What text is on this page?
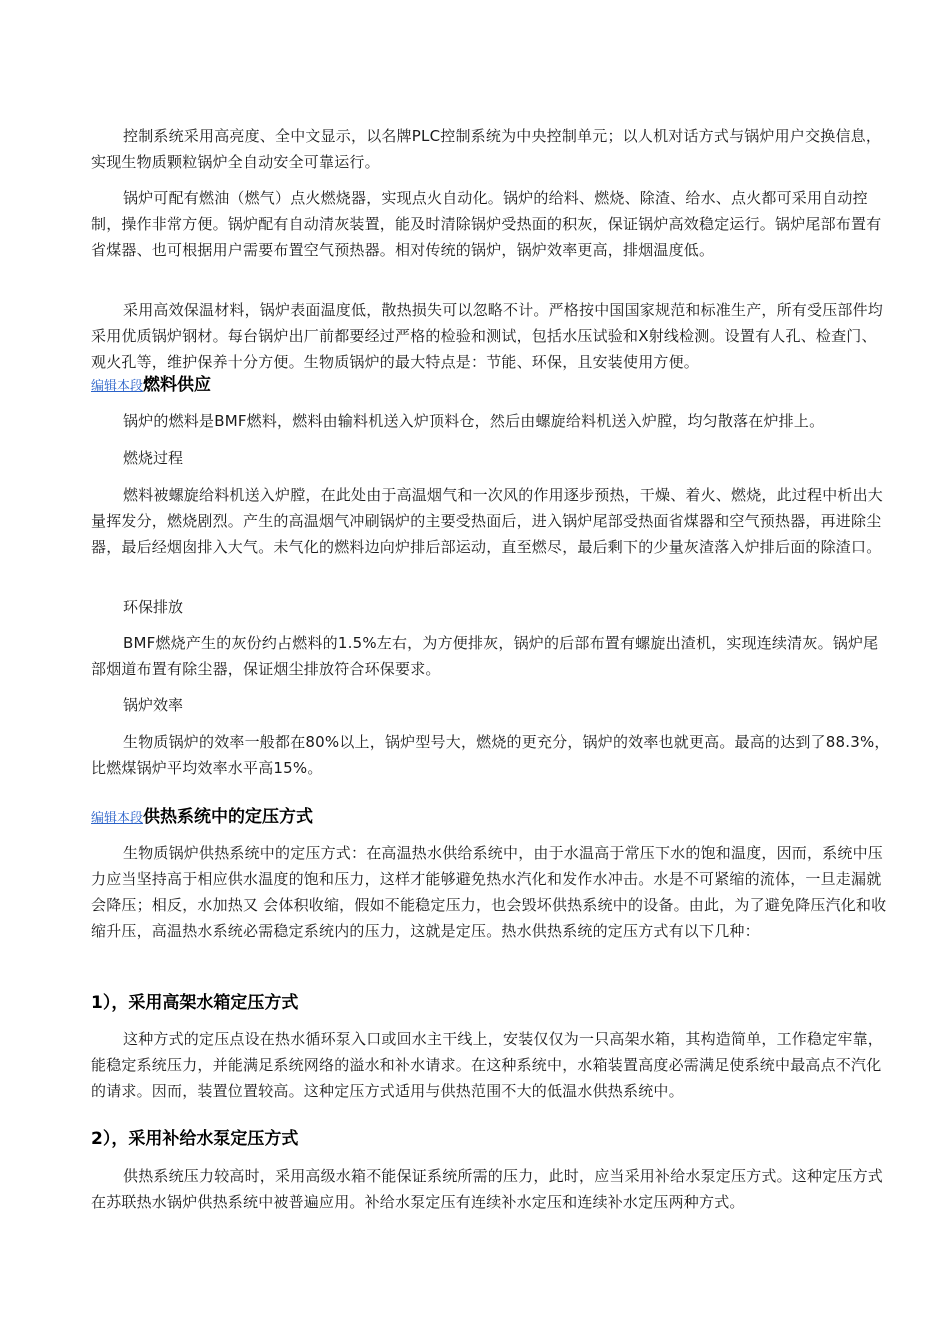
控制系统采用高亮度、全中文显示，以名牌PLC控制系统为中央控制单元；以人机对话方式与锅炉用户交换信息，实现生物质颗粒锅炉全自动安全可靠运行。

锅炉可配有燃油（燃气）点火燃烧器，实现点火自动化。锅炉的给料、燃烧、除渣、给水、点火都可采用自动控制，操作非常方便。锅炉配有自动清灰装置，能及时清除锅炉受热面的积灰，保证锅炉高效稳定运行。锅炉尾部布置有省煤器、也可根据用户需要布置空气预热器。相对传统的锅炉，锅炉效率更高，排烟温度低。

采用高效保温材料，锅炉表面温度低，散热损失可以忽略不计。严格按中国国家规范和标准生产，所有受压部件均采用优质锅炉钢材。每台锅炉出厂前都要经过严格的检验和测试，包括水压试验和X射线检测。设置有人孔、检查门、观火孔等，维护保养十分方便。生物质锅炉的最大特点是：节能、环保，且安装使用方便。

编辑本段燃料供应

锅炉的燃料是BMF燃料，燃料由输料机送入炉顶料仓，然后由螺旋给料机送入炉膛，均匀散落在炉排上。

燃烧过程

燃料被螺旋给料机送入炉膛，在此处由于高温烟气和一次风的作用逐步预热，干燥、着火、燃烧，此过程中析出大量挥发分，燃烧剧烈。产生的高温烟气冲刷锅炉的主要受热面后，进入锅炉尾部受热面省煤器和空气预热器，再进除尘器，最后经烟囱排入大气。未气化的燃料边向炉排后部运动，直至燃尽，最后剩下的少量灰渣落入炉排后面的除渣口。

环保排放

BMF燃烧产生的灰份约占燃料的1.5%左右，为方便排灰，锅炉的后部布置有螺旋出渣机，实现连续清灰。锅炉尾部烟道布置有除尘器，保证烟尘排放符合环保要求。

锅炉效率

生物质锅炉的效率一般都在80%以上，锅炉型号大，燃烧的更充分，锅炉的效率也就更高。最高的达到了88.3%，比燃煤锅炉平均效率水平高15%。

编辑本段供热系统中的定压方式

生物质锅炉供热系统中的定压方式：在高温热水供给系统中，由于水温高于常压下水的饱和温度，因而，系统中压力应当坚持高于相应供水温度的饱和压力，这样才能够避免热水汽化和发作水冲击。水是不可紧缩的流体，一旦走漏就会降压；相反，水加热又 会体积收缩，假如不能稳定压力，也会毁坏供热系统中的设备。由此，为了避免降压汽化和收缩升压，高温热水系统必需稳定系统内的压力，这就是定压。热水供热系统的定压方式有以下几种：

1），采用高架水箱定压方式

这种方式的定压点设在热水循环泵入口或回水主干线上，安装仅仅为一只高架水箱，其构造简单，工作稳定牢靠，能稳定系统压力，并能满足系统网络的溢水和补水请求。在这种系统中，水箱装置高度必需满足使系统中最高点不汽化的请求。因而，装置位置较高。这种定压方式适用与供热范围不大的低温水供热系统中。

2），采用补给水泵定压方式

供热系统压力较高时，采用高级水箱不能保证系统所需的压力，此时，应当采用补给水泵定压方式。这种定压方式在苏联热水锅炉供热系统中被普遍应用。补给水泵定压有连续补水定压和连续补水定压两种方式。
